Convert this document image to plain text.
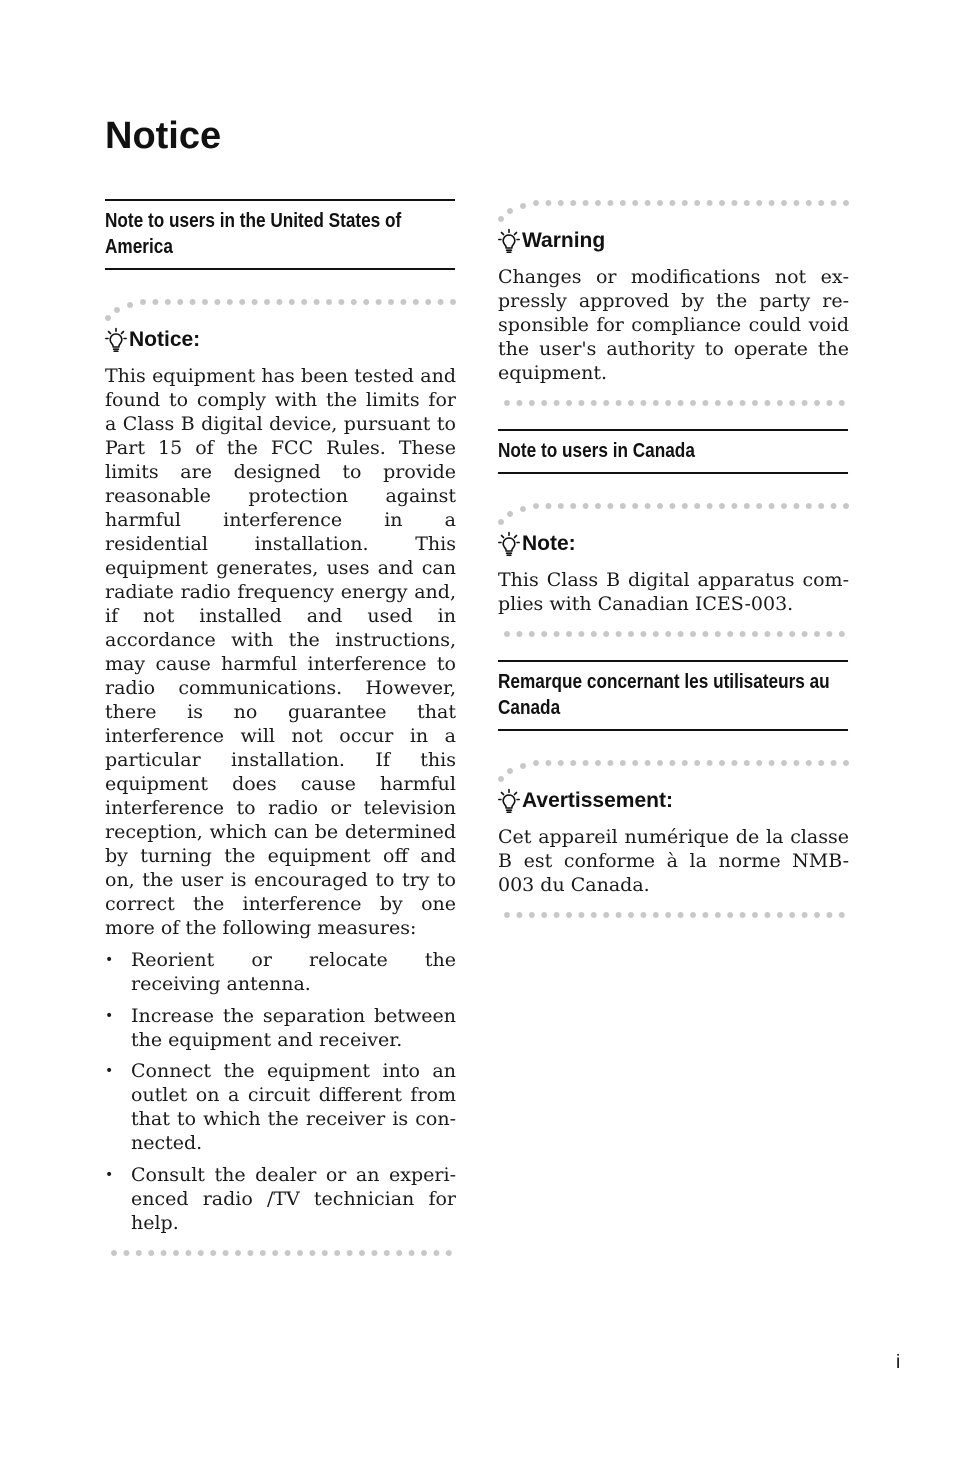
Notice
Note to users in the United States of America
Notice:

This equipment has been tested and found to comply with the limits for a Class B digital device, pursuant to Part 15 of the FCC Rules. These limits are designed to provide reasonable protection against harmful interference in a residential installation. This equipment generates, uses and can radiate radio frequency energy and, if not installed and used in accordance with the instructions, may cause harmful interference to radio communications. However, there is no guarantee that interference will not occur in a particular installation. If this equipment does cause harmful interference to radio or television reception, which can be determined by turning the equipment off and on, the user is encouraged to try to correct the interference by one more of the following measures:

• Reorient or relocate the receiving antenna.
• Increase the separation between the equipment and receiver.
• Connect the equipment into an outlet on a circuit different from that to which the receiver is connected.
• Consult the dealer or an experienced radio /TV technician for help.
Warning

Changes or modifications not expressly approved by the party responsible for compliance could void the user's authority to operate the equipment.

Note to users in Canada
Note:

This Class B digital apparatus complies with Canadian ICES-003.

Remarque concernant les utilisateurs au Canada
Avertissement:

Cet appareil numérique de la classe B est conforme à la norme NMB-003 du Canada.

i
